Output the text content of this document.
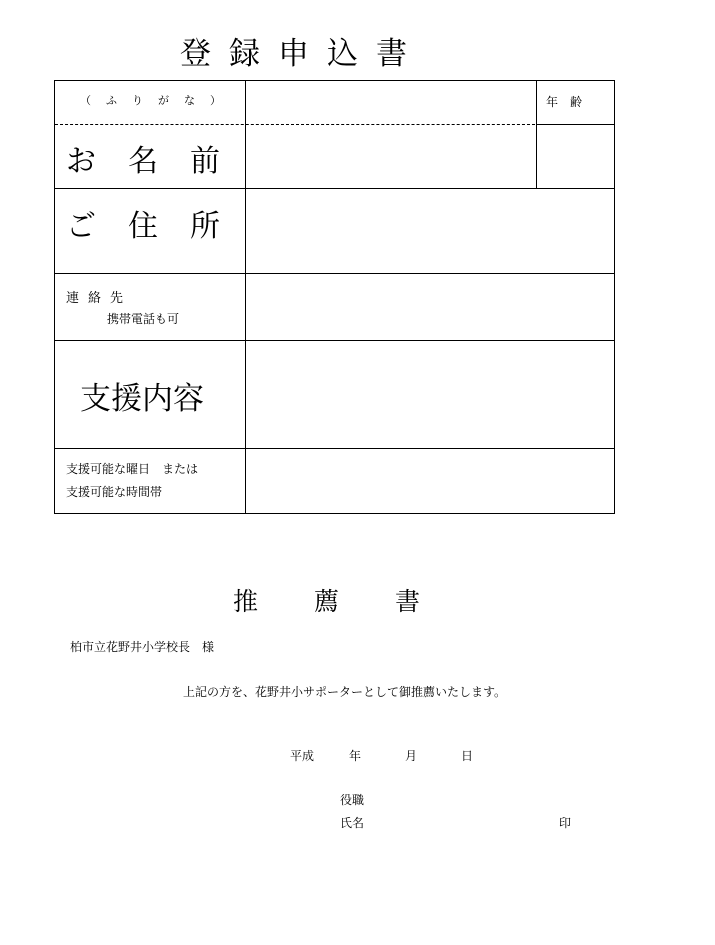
登録申込書
（ふりがな）	年齢
お名前
ご住所
連絡先
携帯電話も可
支援内容
支援可能な曜日　または
支援可能な時間帯
推薦書
柏市立花野井小学校長　様
上記の方を、花野井小サポーターとして御推薦いたします。
平成	年	月	日
役職
氏名	印
